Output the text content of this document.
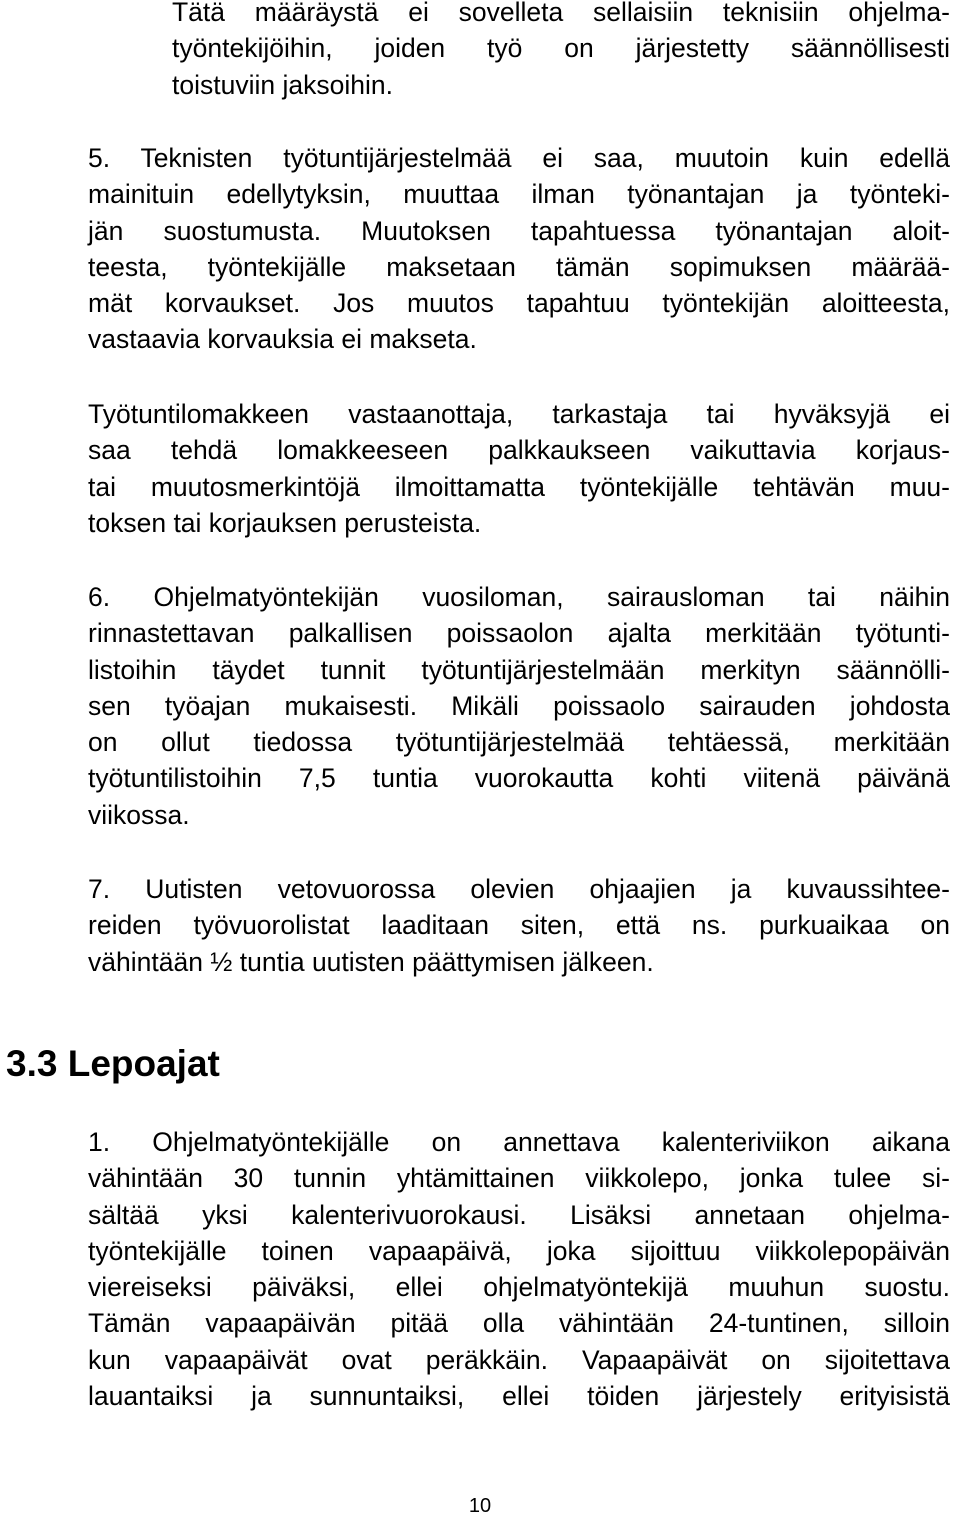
Tätä määräystä ei sovelleta sellaisiin teknisiin ohjelma-
työntekijöihin, joiden työ on järjestetty säännöllisesti
toistuviin jaksoihin.
5. Teknisten työtuntijärjestelmää ei saa, muutoin kuin edellä
mainituin edellytyksin, muuttaa ilman työnantajan ja työnteki-
jän suostumusta. Muutoksen tapahtuessa työnantajan aloit-
teesta, työntekijälle maksetaan tämän sopimuksen määrää-
mät korvaukset. Jos muutos tapahtuu työntekijän aloitteesta,
vastaavia korvauksia ei makseta.
Työtuntilomakkeen vastaanottaja, tarkastaja tai hyväksyjä ei
saa tehdä lomakkeeseen palkkaukseen vaikuttavia korjaus-
tai muutosmerkintöjä ilmoittamatta työntekijälle tehtävän muu-
toksen tai korjauksen perusteista.
6. Ohjelmatyöntekijän vuosiloman, sairausloman tai näihin
rinnastettavan palkallisen poissaolon ajalta merkitään työtunti-
listoihin täydet tunnit työtuntijärjestelmään merkityn säännölli-
sen työajan mukaisesti. Mikäli poissaolo sairauden johdosta
on ollut tiedossa työtuntijärjestelmää tehtäessä, merkitään
työtuntilistoihin 7,5 tuntia vuorokautta kohti viitenä päivänä
viikossa.
7. Uutisten vetovuorossa olevien ohjaajien ja kuvaussihtee-
reiden työvuorolistat laaditaan siten, että ns. purkuaikaa on
vähintään ½ tuntia uutisten päättymisen jälkeen.
3.3 Lepoajat
1. Ohjelmatyöntekijälle on annettava kalenteriviikon aikana
vähintään 30 tunnin yhtämittainen viikkolepo, jonka tulee si-
sältää yksi kalenterivuorokausi. Lisäksi annetaan ohjelma-
työntekijälle toinen vapaapäivä, joka sijoittuu viikkolepopäivän
viereiseksi päiväksi, ellei ohjelmatyöntekijä muuhun suostu.
Tämän vapaapäivän pitää olla vähintään 24-tuntinen, silloin
kun vapaapäivät ovat peräkkäin. Vapaapäivät on sijoitettava
lauantaiksi ja sunnuntaiksi, ellei töiden järjestely erityisistä
10
